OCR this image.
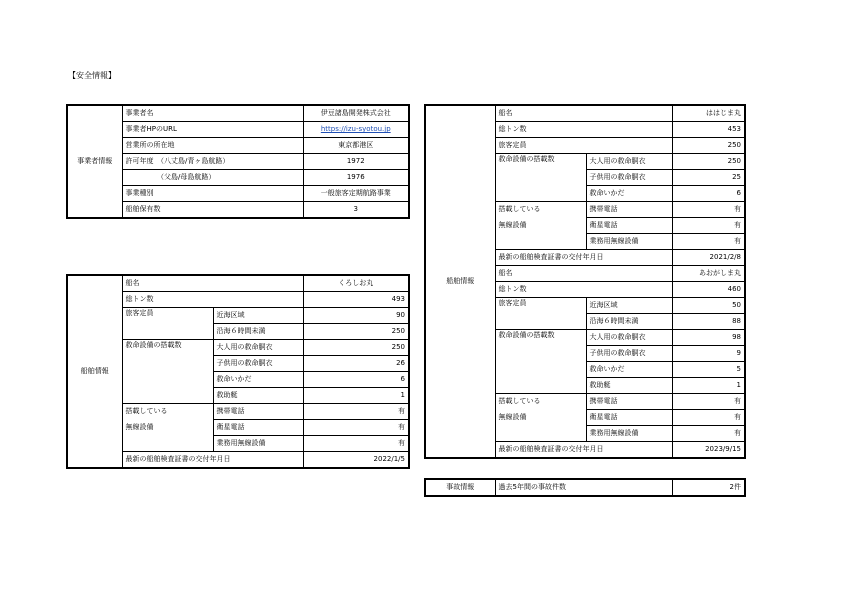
【安全情報】
事業者情報	事業者名	伊豆諸島開発株式会社
	事業者HPのURL	https://izu-syotou.jp
	営業所の所在地	東京都港区
	許可年度　（八丈島/青ヶ島航路）	1972
	　　　　　（父島/母島航路）	1976
	事業種別	一般旅客定期航路事業
	船舶保有数	3
船舶情報	船名		くろしお丸
	総トン数		493
	旅客定員	近海区域	90
		沿海６時間未満	250
	救命設備の搭載数	大人用の救命胴衣	250
		子供用の救命胴衣	26
		救命いかだ	6
		救助艇	1
	搭載している	携帯電話	有
	無線設備	衛星電話	有
		業務用無線設備	有
	最新の船舶検査証書の交付年月日		2022/1/5
船舶情報	船名		ははじま丸
	総トン数		453
	旅客定員		250
	救命設備の搭載数	大人用の救命胴衣	250
		子供用の救命胴衣	25
		救命いかだ	6
	搭載している	携帯電話	有
	無線設備	衛星電話	有
		業務用無線設備	有
	最新の船舶検査証書の交付年月日		2021/2/8
	船名		あおがしま丸
	総トン数		460
	旅客定員	近海区域	50
		沿海６時間未満	88
	救命設備の搭載数	大人用の救命胴衣	98
		子供用の救命胴衣	9
		救命いかだ	5
		救助艇	1
	搭載している	携帯電話	有
	無線設備	衛星電話	有
		業務用無線設備	有
	最新の船舶検査証書の交付年月日		2023/9/15
事故情報	過去5年間の事故件数	2件
